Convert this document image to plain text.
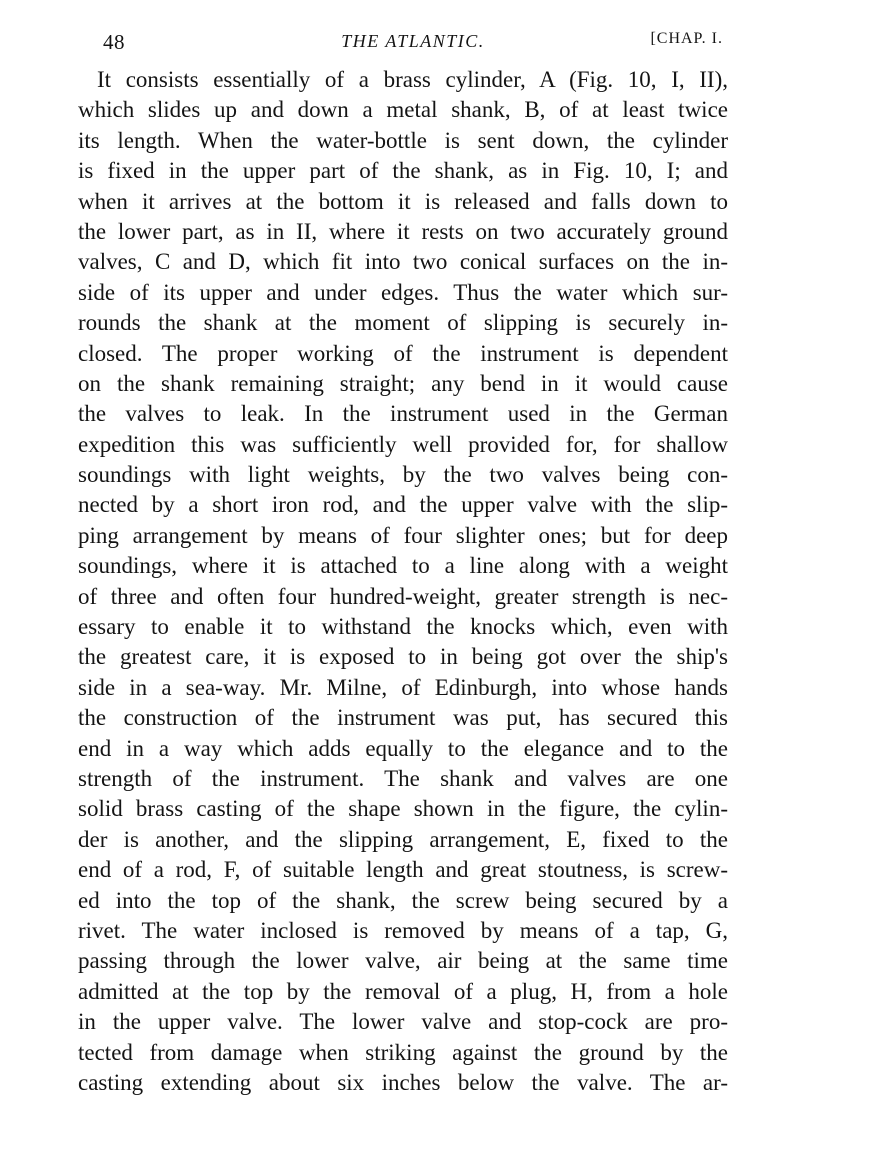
48	THE ATLANTIC.	[CHAP. I.
It consists essentially of a brass cylinder, A (Fig. 10, I, II),
which slides up and down a metal shank, B, of at least twice
its length. When the water-bottle is sent down, the cylinder
is fixed in the upper part of the shank, as in Fig. 10, I; and
when it arrives at the bottom it is released and falls down to
the lower part, as in II, where it rests on two accurately ground
valves, C and D, which fit into two conical surfaces on the in-
side of its upper and under edges. Thus the water which sur-
rounds the shank at the moment of slipping is securely in-
closed. The proper working of the instrument is dependent
on the shank remaining straight; any bend in it would cause
the valves to leak. In the instrument used in the German
expedition this was sufficiently well provided for, for shallow
soundings with light weights, by the two valves being con-
nected by a short iron rod, and the upper valve with the slip-
ping arrangement by means of four slighter ones; but for deep
soundings, where it is attached to a line along with a weight
of three and often four hundred-weight, greater strength is nec-
essary to enable it to withstand the knocks which, even with
the greatest care, it is exposed to in being got over the ship's
side in a sea-way. Mr. Milne, of Edinburgh, into whose hands
the construction of the instrument was put, has secured this
end in a way which adds equally to the elegance and to the
strength of the instrument. The shank and valves are one
solid brass casting of the shape shown in the figure, the cylin-
der is another, and the slipping arrangement, E, fixed to the
end of a rod, F, of suitable length and great stoutness, is screw-
ed into the top of the shank, the screw being secured by a
rivet. The water inclosed is removed by means of a tap, G,
passing through the lower valve, air being at the same time
admitted at the top by the removal of a plug, H, from a hole
in the upper valve. The lower valve and stop-cock are pro-
tected from damage when striking against the ground by the
casting extending about six inches below the valve. The ar-
